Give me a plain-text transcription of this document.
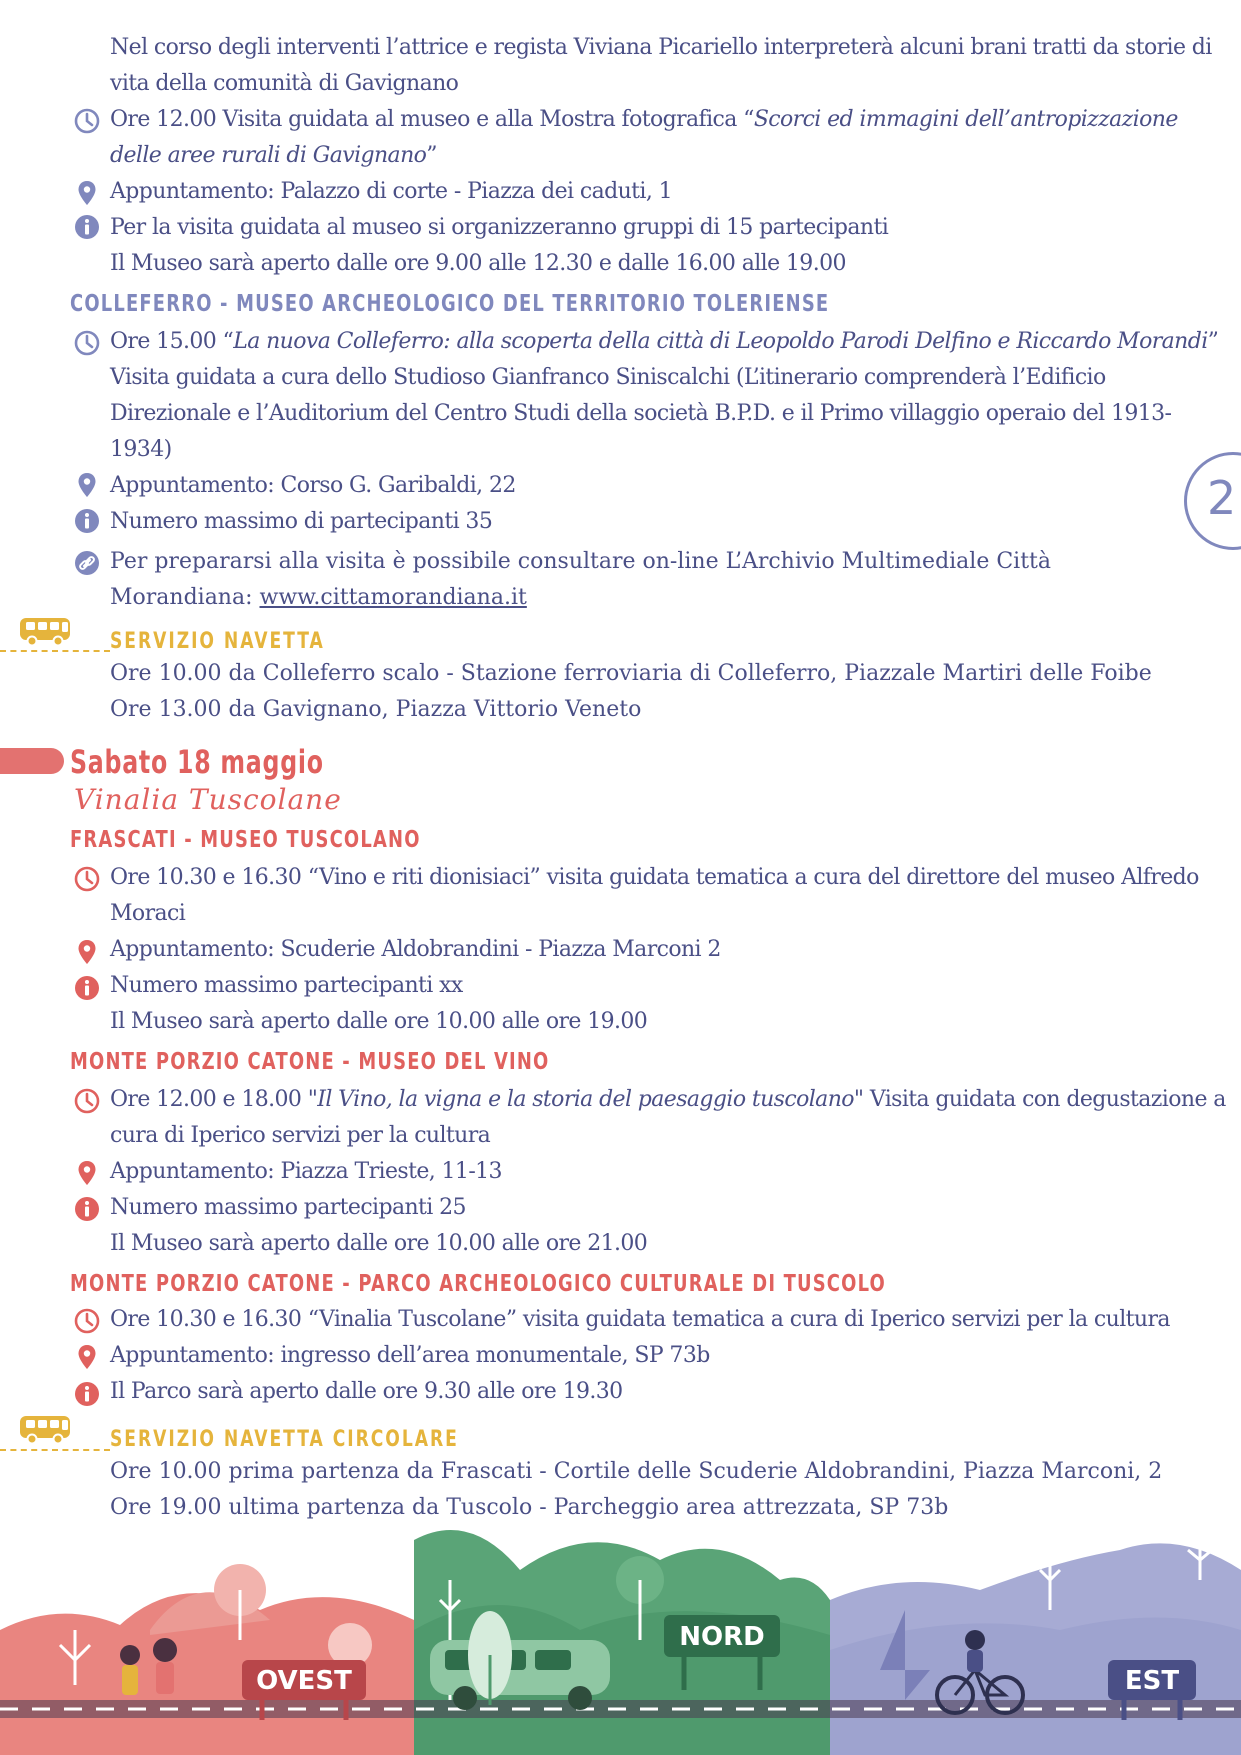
2
Nel corso degli interventi l’attrice e regista Viviana Picariello interpreterà alcuni brani tratti da storie di
vita della comunità di Gavignano
Ore 12.00 Visita guidata al museo e alla Mostra fotografica “Scorci ed immagini dell’antropizzazione
delle aree rurali di Gavignano”
Appuntamento: Palazzo di corte - Piazza dei caduti, 1
Per la visita guidata al museo si organizzeranno gruppi di 15 partecipanti
Il Museo sarà aperto dalle ore 9.00 alle 12.30 e dalle 16.00 alle 19.00
COLLEFERRO - MUSEO ARCHEOLOGICO DEL TERRITORIO TOLERIENSE
Ore 15.00 “La nuova Colleferro: alla scoperta della città di Leopoldo Parodi Delfino e Riccardo Morandi”
Visita guidata a cura dello Studioso Gianfranco Siniscalchi (L’itinerario comprenderà l’Edificio
Direzionale e l’Auditorium del Centro Studi della società B.P.D. e il Primo villaggio operaio del 1913-
1934)
Appuntamento: Corso G. Garibaldi, 22
Numero massimo di partecipanti 35
Per prepararsi alla visita è possibile consultare on-line L’Archivio Multimediale Città
Morandiana: www.cittamorandiana.it
SERVIZIO NAVETTA
Ore 10.00 da Colleferro scalo - Stazione ferroviaria di Colleferro, Piazzale Martiri delle Foibe
Ore 13.00 da Gavignano, Piazza Vittorio Veneto
Sabato 18 maggio
Vinalia Tuscolane
FRASCATI - MUSEO TUSCOLANO
Ore 10.30 e 16.30 “Vino e riti dionisiaci” visita guidata tematica a cura del direttore del museo Alfredo
Moraci
Appuntamento: Scuderie Aldobrandini - Piazza Marconi 2
Numero massimo partecipanti xx
Il Museo sarà aperto dalle ore 10.00 alle ore 19.00
MONTE PORZIO CATONE - MUSEO DEL VINO
Ore 12.00 e 18.00 "Il Vino, la vigna e la storia del paesaggio tuscolano" Visita guidata con degustazione a
cura di Iperico servizi per la cultura
Appuntamento: Piazza Trieste, 11-13
Numero massimo partecipanti 25
Il Museo sarà aperto dalle ore 10.00 alle ore 21.00
MONTE PORZIO CATONE - PARCO ARCHEOLOGICO CULTURALE DI TUSCOLO
Ore 10.30 e 16.30 “Vinalia Tuscolane” visita guidata tematica a cura di Iperico servizi per la cultura
Appuntamento: ingresso dell’area monumentale, SP 73b
Il Parco sarà aperto dalle ore 9.30 alle ore 19.30
SERVIZIO NAVETTA CIRCOLARE
Ore 10.00 prima partenza da Frascati - Cortile delle Scuderie Aldobrandini, Piazza Marconi, 2
Ore 19.00 ultima partenza da Tuscolo - Parcheggio area attrezzata, SP 73b
OVEST
NORD
EST
